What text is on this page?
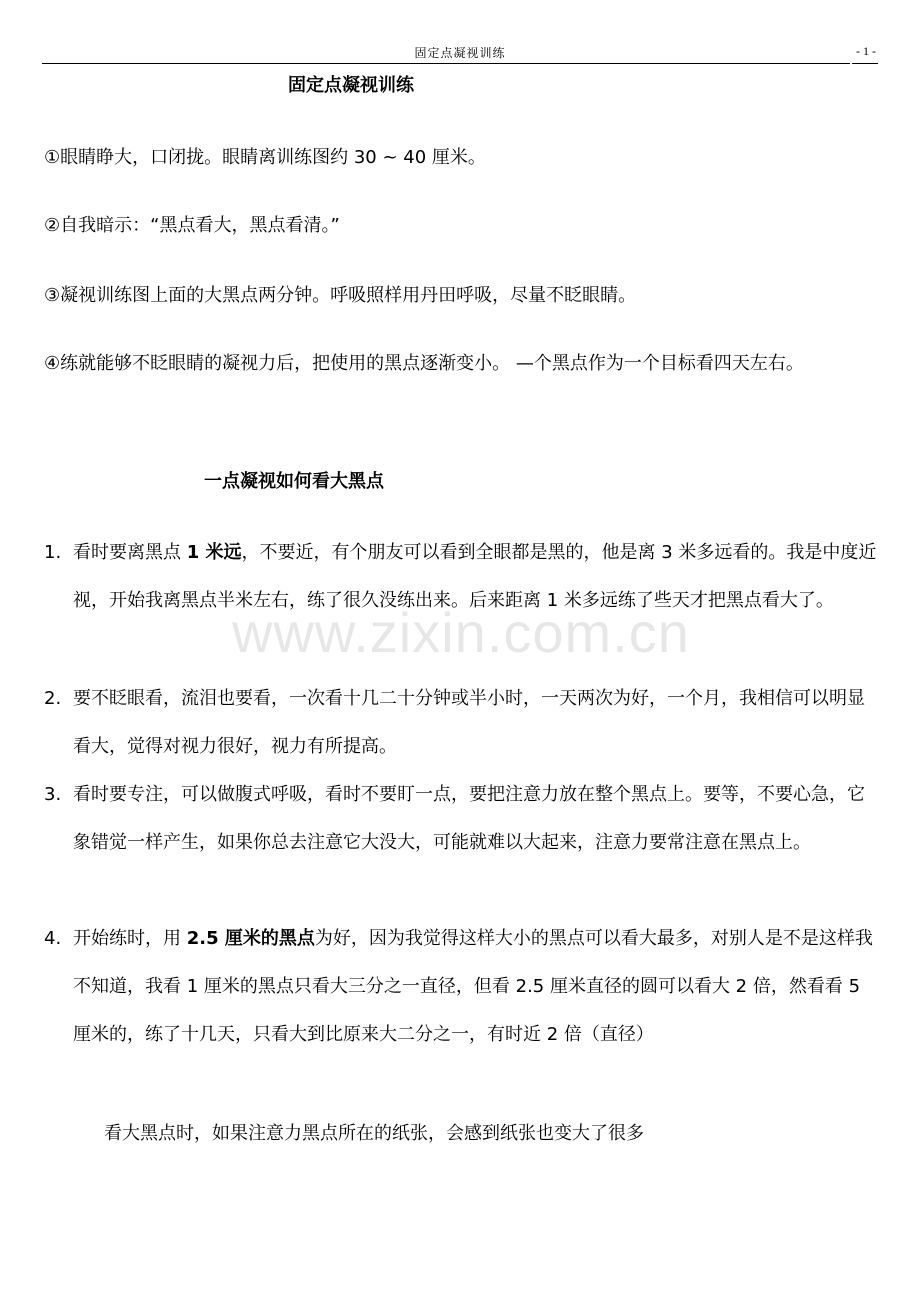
固定点凝视训练	- 1 -
固定点凝视训练
①眼睛睁大，口闭拢。眼睛离训练图约 30 ~ 40 厘米。
②自我暗示：“黑点看大，黑点看清。”
③凝视训练图上面的大黑点两分钟。呼吸照样用丹田呼吸，尽量不眨眼睛。
④练就能够不眨眼睛的凝视力后，把使用的黑点逐渐变小。 —个黑点作为一个目标看四天左右。
一点凝视如何看大黑点
1. 看时要离黑点 1 米远，不要近，有个朋友可以看到全眼都是黑的，他是离 3 米多远看的。我是中度近视，开始我离黑点半米左右，练了很久没练出来。后来距离 1 米多远练了些天才把黑点看大了。
2. 要不眨眼看，流泪也要看，一次看十几二十分钟或半小时，一天两次为好，一个月，我相信可以明显看大，觉得对视力很好，视力有所提高。
3. 看时要专注，可以做腹式呼吸，看时不要盯一点，要把注意力放在整个黑点上。要等，不要心急，它象错觉一样产生，如果你总去注意它大没大，可能就难以大起来，注意力要常注意在黑点上。
4. 开始练时，用 2.5 厘米的黑点为好，因为我觉得这样大小的黑点可以看大最多，对别人是不是这样我不知道，我看 1 厘米的黑点只看大三分之一直径，但看 2.5 厘米直径的圆可以看大 2 倍，然看看 5 厘米的，练了十几天，只看大到比原来大二分之一，有时近 2 倍（直径）
看大黑点时，如果注意力黑点所在的纸张，会感到纸张也变大了很多
www.zixin.com.cn
